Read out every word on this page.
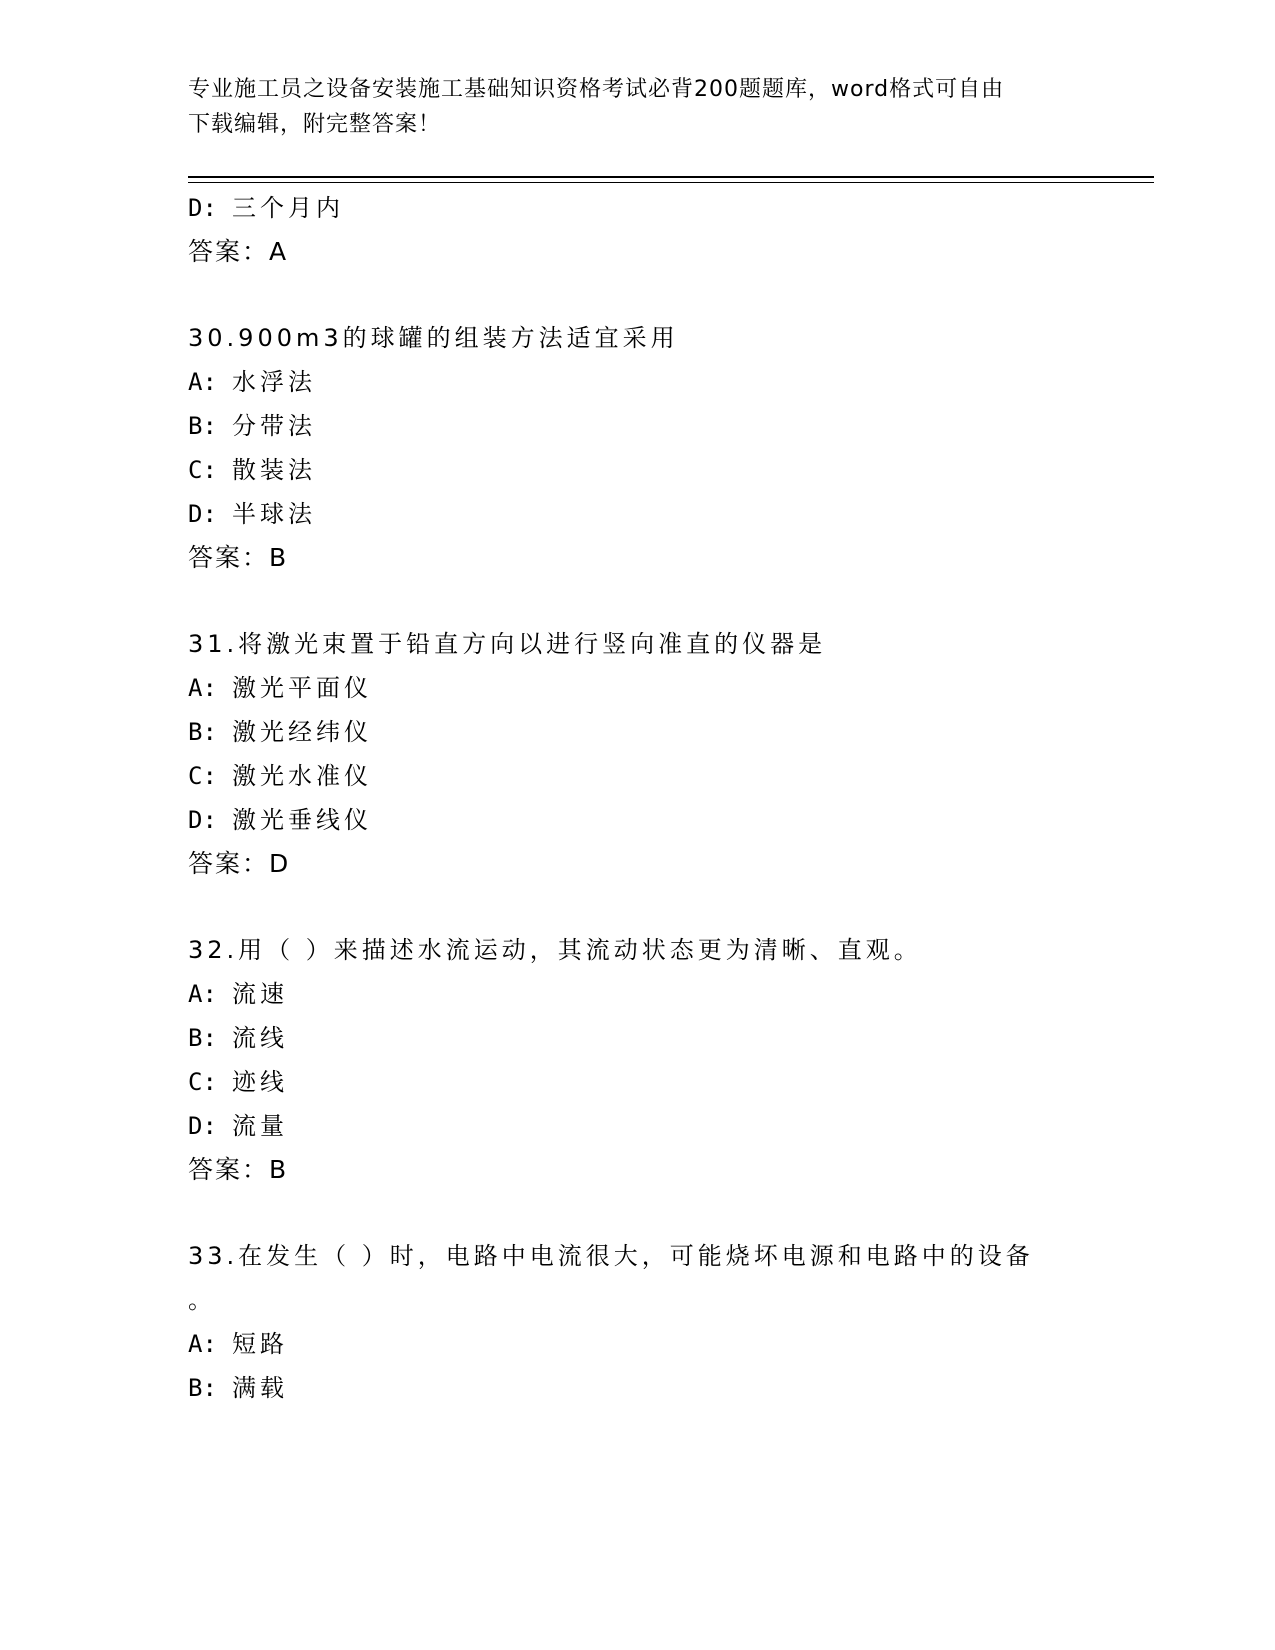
专业施工员之设备安装施工基础知识资格考试必背200题题库，word格式可自由
下载编辑，附完整答案！
D: 三个月内
答案：A
30.900m3的球罐的组装方法适宜采用
A: 水浮法
B: 分带法
C: 散装法
D: 半球法
答案：B
31.将激光束置于铅直方向以进行竖向准直的仪器是
A: 激光平面仪
B: 激光经纬仪
C: 激光水准仪
D: 激光垂线仪
答案：D
32.用（ ）来描述水流运动，其流动状态更为清晰、直观。
A: 流速
B: 流线
C: 迹线
D: 流量
答案：B
33.在发生（ ）时，电路中电流很大，可能烧坏电源和电路中的设备
。
A: 短路
B: 满载
